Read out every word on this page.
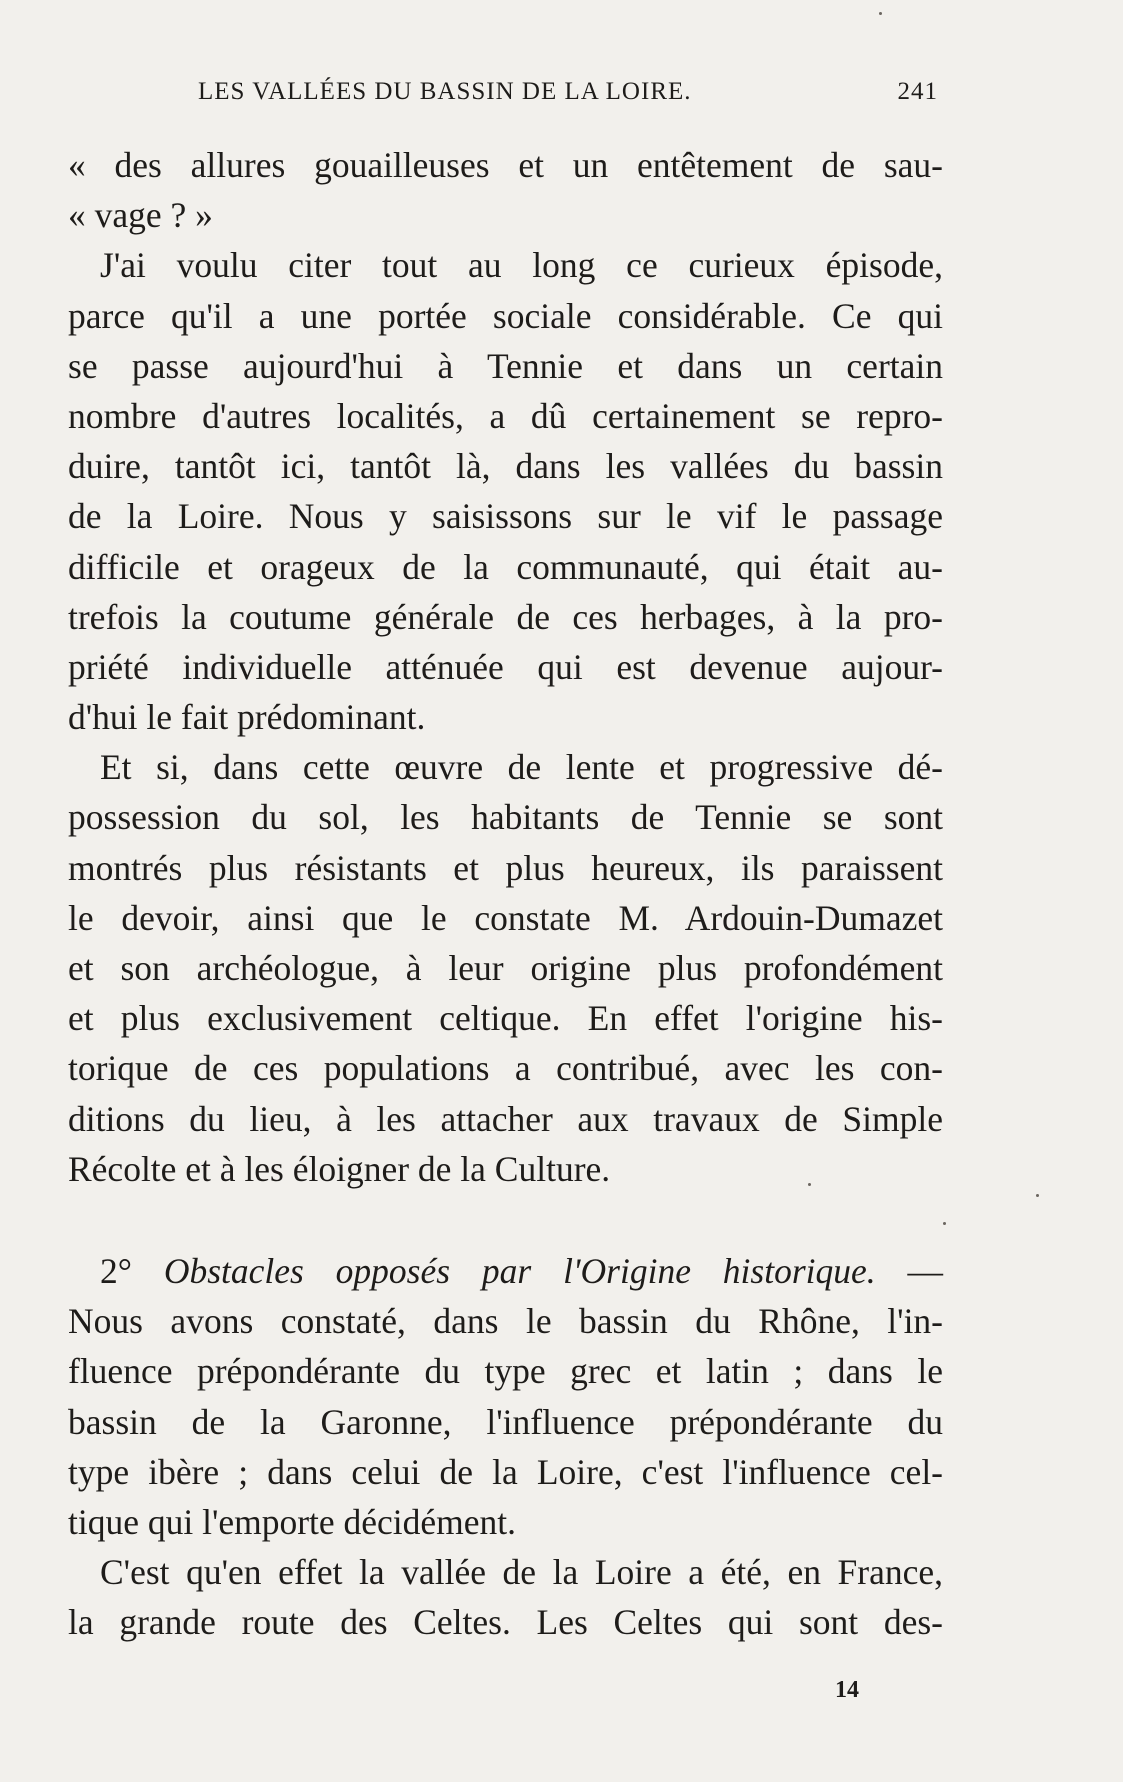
LES VALLÉES DU BASSIN DE LA LOIRE.	241
« des allures gouailleuses et un entêtement de sau-
« vage ? »
J'ai voulu citer tout au long ce curieux épisode,
parce qu'il a une portée sociale considérable. Ce qui
se passe aujourd'hui à Tennie et dans un certain
nombre d'autres localités, a dû certainement se repro-
duire, tantôt ici, tantôt là, dans les vallées du bassin
de la Loire. Nous y saisissons sur le vif le passage
difficile et orageux de la communauté, qui était au-
trefois la coutume générale de ces herbages, à la pro-
priété individuelle atténuée qui est devenue aujour-
d'hui le fait prédominant.
Et si, dans cette œuvre de lente et progressive dé-
possession du sol, les habitants de Tennie se sont
montrés plus résistants et plus heureux, ils paraissent
le devoir, ainsi que le constate M. Ardouin-Dumazet
et son archéologue, à leur origine plus profondément
et plus exclusivement celtique. En effet l'origine his-
torique de ces populations a contribué, avec les con-
ditions du lieu, à les attacher aux travaux de Simple
Récolte et à les éloigner de la Culture.
2° Obstacles opposés par l'Origine historique. —
Nous avons constaté, dans le bassin du Rhône, l'in-
fluence prépondérante du type grec et latin ; dans le
bassin de la Garonne, l'influence prépondérante du
type ibère ; dans celui de la Loire, c'est l'influence cel-
tique qui l'emporte décidément.
C'est qu'en effet la vallée de la Loire a été, en France,
la grande route des Celtes. Les Celtes qui sont des-
14
